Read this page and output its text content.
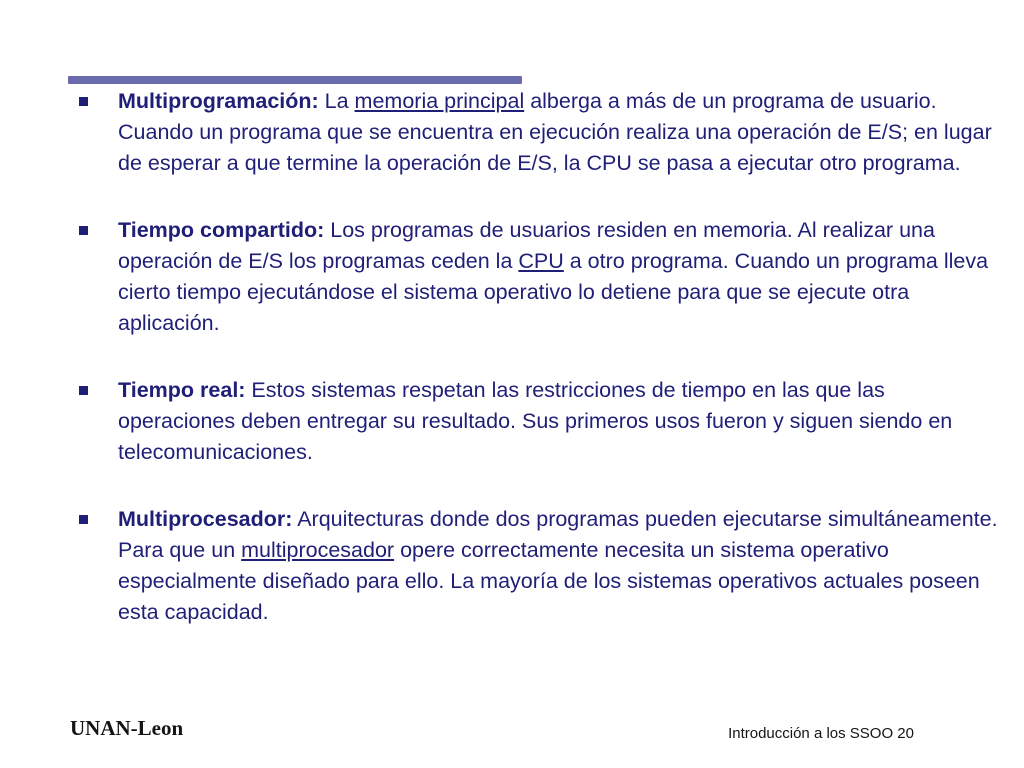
Multiprogramación: La memoria principal alberga a más de un programa de usuario. Cuando un programa que se encuentra en ejecución realiza una operación de E/S; en lugar de esperar a que termine la operación de E/S, la CPU se pasa a ejecutar otro programa.
Tiempo compartido: Los programas de usuarios residen en memoria. Al realizar una operación de E/S los programas ceden la CPU a otro programa. Cuando un programa lleva cierto tiempo ejecutándose el sistema operativo lo detiene para que se ejecute otra aplicación.
Tiempo real: Estos sistemas respetan las restricciones de tiempo en las que las operaciones deben entregar su resultado. Sus primeros usos fueron y siguen siendo en telecomunicaciones.
Multiprocesador: Arquitecturas donde dos programas pueden ejecutarse simultáneamente. Para que un multiprocesador opere correctamente necesita un sistema operativo especialmente diseñado para ello. La mayoría de los sistemas operativos actuales poseen esta capacidad.
UNAN-Leon	Introducción a los SSOO 20
